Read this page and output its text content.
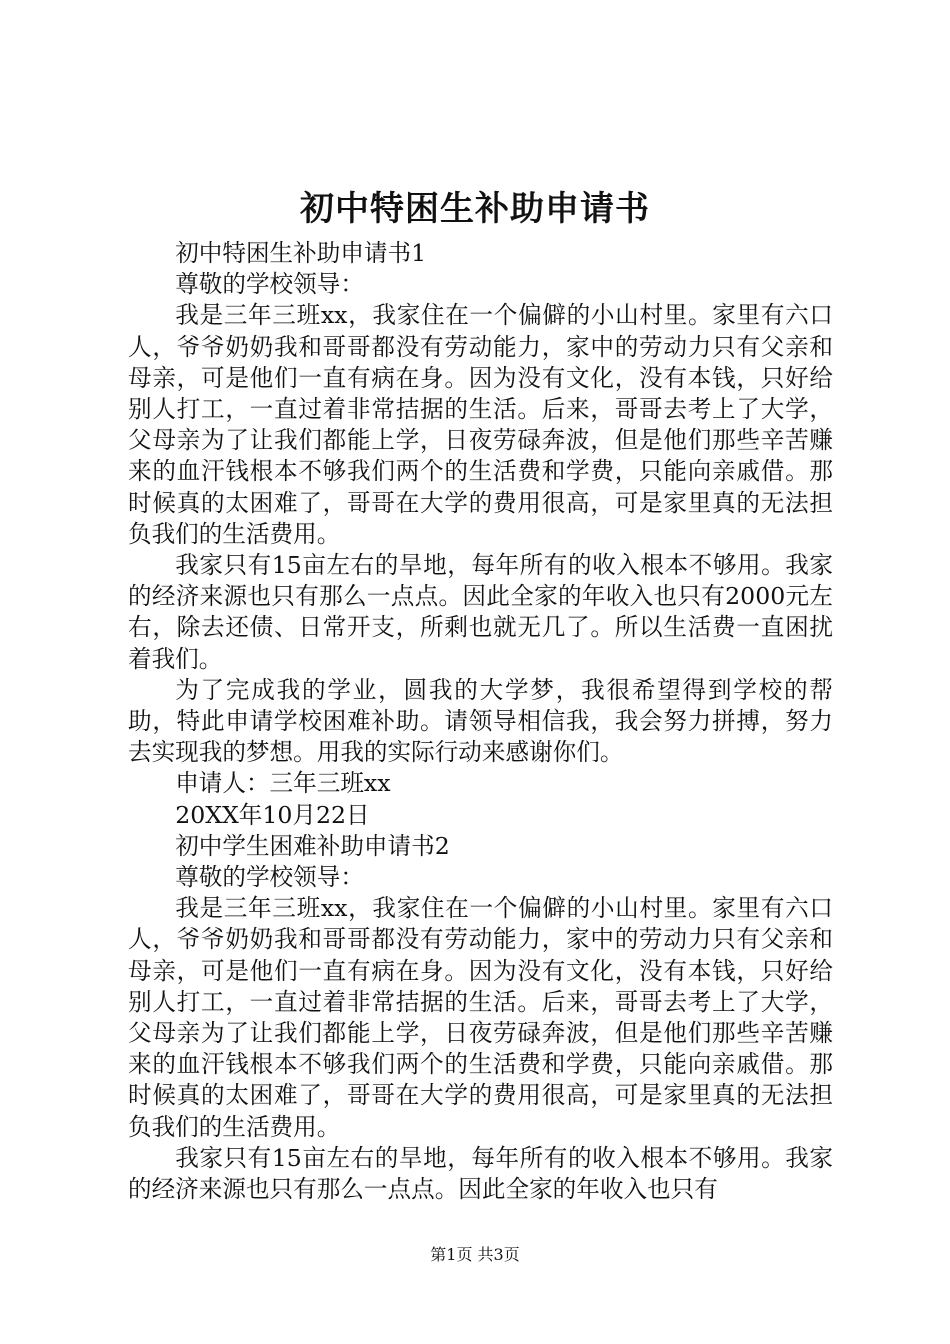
初中特困生补助申请书

初中特困生补助申请书1

尊敬的学校领导：

我是三年三班xx，我家住在一个偏僻的小山村里。家里有六口人，爷爷奶奶我和哥哥都没有劳动能力，家中的劳动力只有父亲和母亲，可是他们一直有病在身。因为没有文化，没有本钱，只好给别人打工，一直过着非常拮据的生活。后来，哥哥去考上了大学，父母亲为了让我们都能上学，日夜劳碌奔波，但是他们那些辛苦赚来的血汗钱根本不够我们两个的生活费和学费，只能向亲戚借。那时候真的太困难了，哥哥在大学的费用很高，可是家里真的无法担负我们的生活费用。

我家只有15亩左右的旱地，每年所有的收入根本不够用。我家的经济来源也只有那么一点点。因此全家的年收入也只有2000元左右，除去还债、日常开支，所剩也就无几了。所以生活费一直困扰着我们。

为了完成我的学业，圆我的大学梦，我很希望得到学校的帮助，特此申请学校困难补助。请领导相信我，我会努力拼搏，努力去实现我的梦想。用我的实际行动来感谢你们。

申请人：三年三班xx

20XX年10月22日

初中学生困难补助申请书2

尊敬的学校领导：

我是三年三班xx，我家住在一个偏僻的小山村里。家里有六口人，爷爷奶奶我和哥哥都没有劳动能力，家中的劳动力只有父亲和母亲，可是他们一直有病在身。因为没有文化，没有本钱，只好给别人打工，一直过着非常拮据的生活。后来，哥哥去考上了大学，父母亲为了让我们都能上学，日夜劳碌奔波，但是他们那些辛苦赚来的血汗钱根本不够我们两个的生活费和学费，只能向亲戚借。那时候真的太困难了，哥哥在大学的费用很高，可是家里真的无法担负我们的生活费用。

我家只有15亩左右的旱地，每年所有的收入根本不够用。我家的经济来源也只有那么一点点。因此全家的年收入也只有

第1页 共3页
